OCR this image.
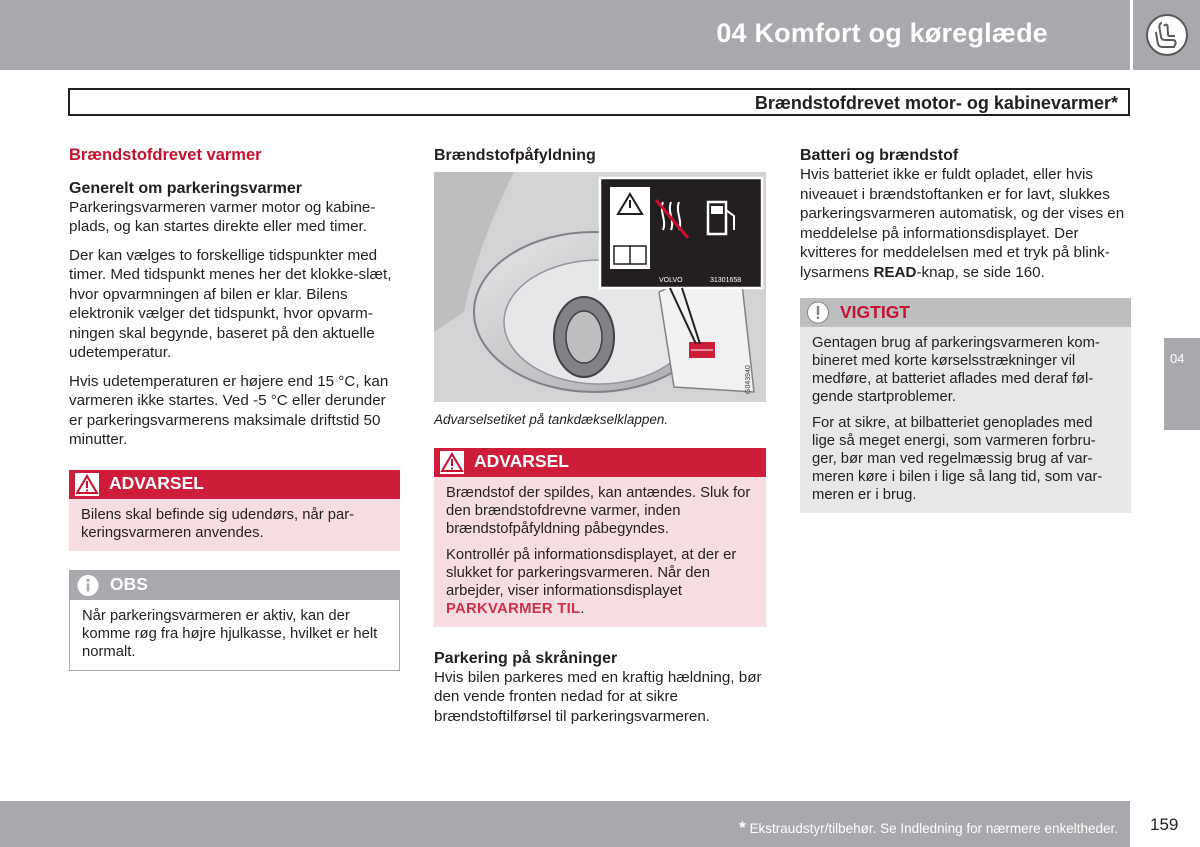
04 Komfort og køreglæde
Brændstofdrevet motor- og kabinevarmer*
Brændstofdrevet varmer
Generelt om parkeringsvarmer

Parkeringsvarmeren varmer motor og kabine-plads, og kan startes direkte eller med timer.

Der kan vælges to forskellige tidspunkter med timer. Med tidspunkt menes her det klokke-slæt, hvor opvarmningen af bilen er klar. Bilens elektronik vælger det tidspunkt, hvor opvarm-ningen skal begynde, baseret på den aktuelle udetemperatur.

Hvis udetemperaturen er højere end 15 °C, kan varmeren ikke startes. Ved -5 °C eller derunder er parkeringsvarmerens maksimale driftstid 50 minutter.

ADVARSEL

Bilens skal befinde sig udendørs, når par-keringsvarmeren anvendes.

OBS

Når parkeringsvarmeren er aktiv, kan der komme røg fra højre hjulkasse, hvilket er helt normalt.

Brændstofpåfyldning
VOLVO	31301658
G043940
Advarselsetiket på tankdækselklappen.
ADVARSEL

Brændstof der spildes, kan antændes. Sluk for den brændstofdrevne varmer, inden brændstofpåfyldning påbegyndes.

Kontrollér på informationsdisplayet, at der er slukket for parkeringsvarmeren. Når den arbejder, viser informationsdisplayet PARKVARMER TIL.

Parkering på skråninger

Hvis bilen parkeres med en kraftig hældning, bør den vende fronten nedad for at sikre brændstoftilførsel til parkeringsvarmeren.

Batteri og brændstof

Hvis batteriet ikke er fuldt opladet, eller hvis niveauet i brændstoftanken er for lavt, slukkes parkeringsvarmeren automatisk, og der vises en meddelelse på informationsdisplayet. Der kvitteres for meddelelsen med et tryk på blink-lysarmens READ-knap, se side 160.

VIGTIGT

Gentagen brug af parkeringsvarmeren kom-bineret med korte kørselsstrækninger vil medføre, at batteriet aflades med deraf føl-gende startproblemer.

For at sikre, at bilbatteriet genoplades med lige så meget energi, som varmeren forbru-ger, bør man ved regelmæssig brug af var-meren køre i bilen i lige så lang tid, som var-meren er i brug.

04
* Ekstraudstyr/tilbehør. Se Indledning for nærmere enkeltheder. 159
